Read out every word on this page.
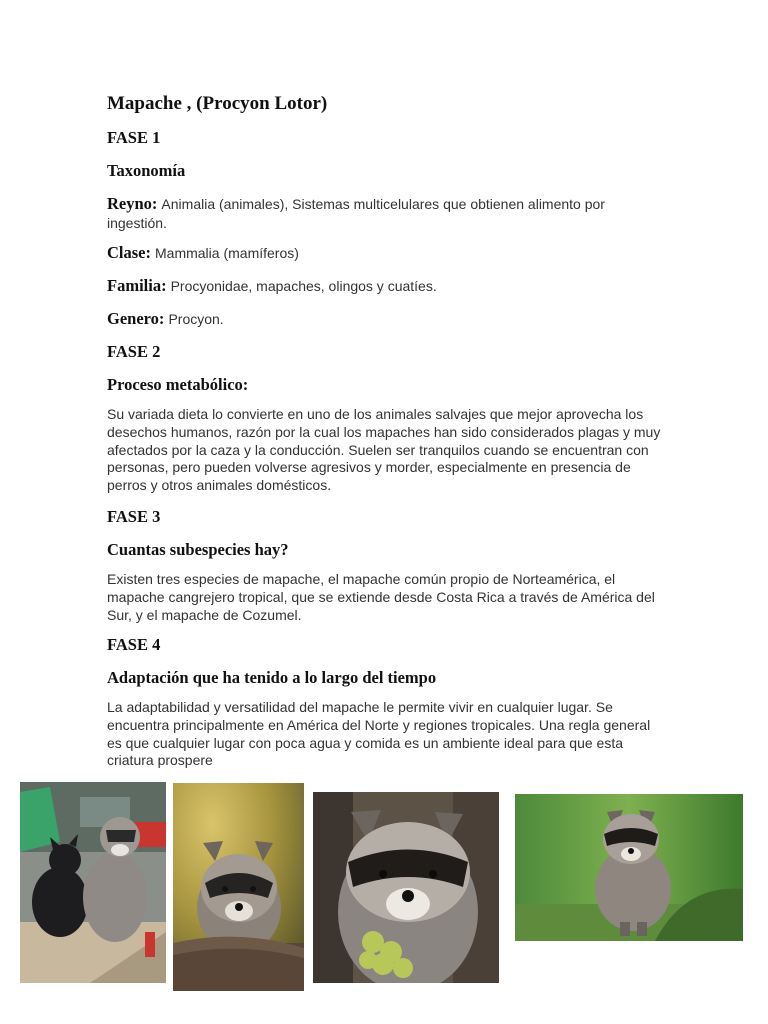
Mapache , (Procyon Lotor)
FASE 1
Taxonomía
Reyno: Animalia (animales), Sistemas multicelulares que obtienen alimento por ingestión.
Clase: Mammalia (mamíferos)
Familia: Procyonidae, mapaches, olingos y cuatíes.
Genero: Procyon.
FASE 2
Proceso metabólico:
Su variada dieta lo convierte en uno de los animales salvajes que mejor aprovecha los desechos humanos, razón por la cual los mapaches han sido considerados plagas y muy afectados por la caza y la conducción. Suelen ser tranquilos cuando se encuentran con personas, pero pueden volverse agresivos y morder, especialmente en presencia de perros y otros animales domésticos.
FASE 3
Cuantas subespecies hay?
Existen tres especies de mapache, el mapache común propio de Norteamérica, el mapache cangrejero tropical, que se extiende desde Costa Rica a través de América del Sur, y el mapache de Cozumel.
FASE 4
Adaptación que ha tenido a lo largo del tiempo
La adaptabilidad y versatilidad del mapache le permite vivir en cualquier lugar. Se encuentra principalmente en América del Norte y regiones tropicales. Una regla general es que cualquier lugar con poca agua y comida es un ambiente ideal para que esta criatura prospere
